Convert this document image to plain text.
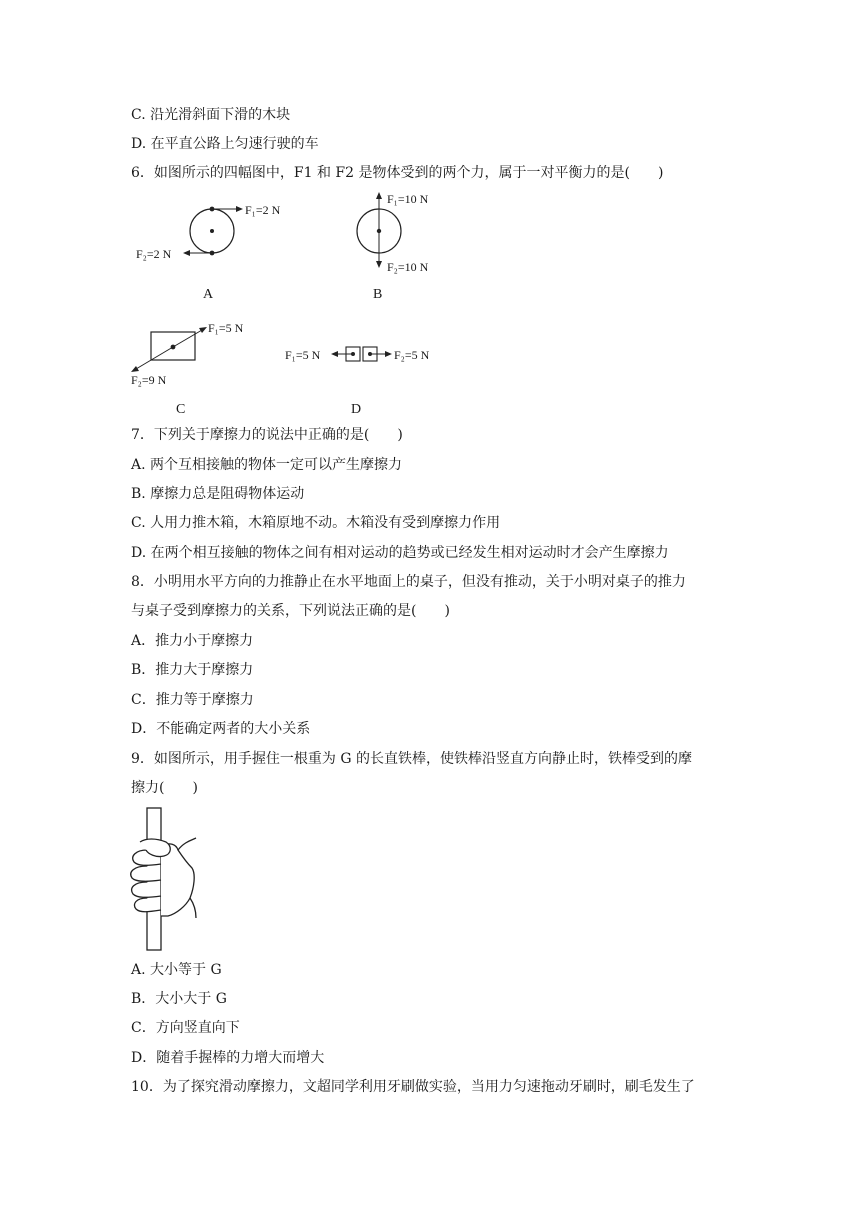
C. 沿光滑斜面下滑的木块
D. 在平直公路上匀速行驶的车
6．如图所示的四幅图中，F1 和 F2 是物体受到的两个力，属于一对平衡力的是(　　)
F₁=2 N
F₂=2 N
A
F₁=10 N
F₂=10 N
B
F₁=5 N
F₂=9 N
C
F₁=5 N	F₂=5 N
D
7．下列关于摩擦力的说法中正确的是(　　)
A. 两个互相接触的物体一定可以产生摩擦力
B. 摩擦力总是阻碍物体运动
C. 人用力推木箱，木箱原地不动。木箱没有受到摩擦力作用
D. 在两个相互接触的物体之间有相对运动的趋势或已经发生相对运动时才会产生摩擦力
8．小明用水平方向的力推静止在水平地面上的桌子，但没有推动，关于小明对桌子的推力
与桌子受到摩擦力的关系，下列说法正确的是(　　)
A．推力小于摩擦力
B．推力大于摩擦力
C．推力等于摩擦力
D．不能确定两者的大小关系
9．如图所示，用手握住一根重为 G 的长直铁棒，使铁棒沿竖直方向静止时，铁棒受到的摩
擦力(　　)
A. 大小等于 G
B．大小大于 G
C．方向竖直向下
D．随着手握棒的力增大而增大
10．为了探究滑动摩擦力，文超同学利用牙刷做实验，当用力匀速拖动牙刷时，刷毛发生了
